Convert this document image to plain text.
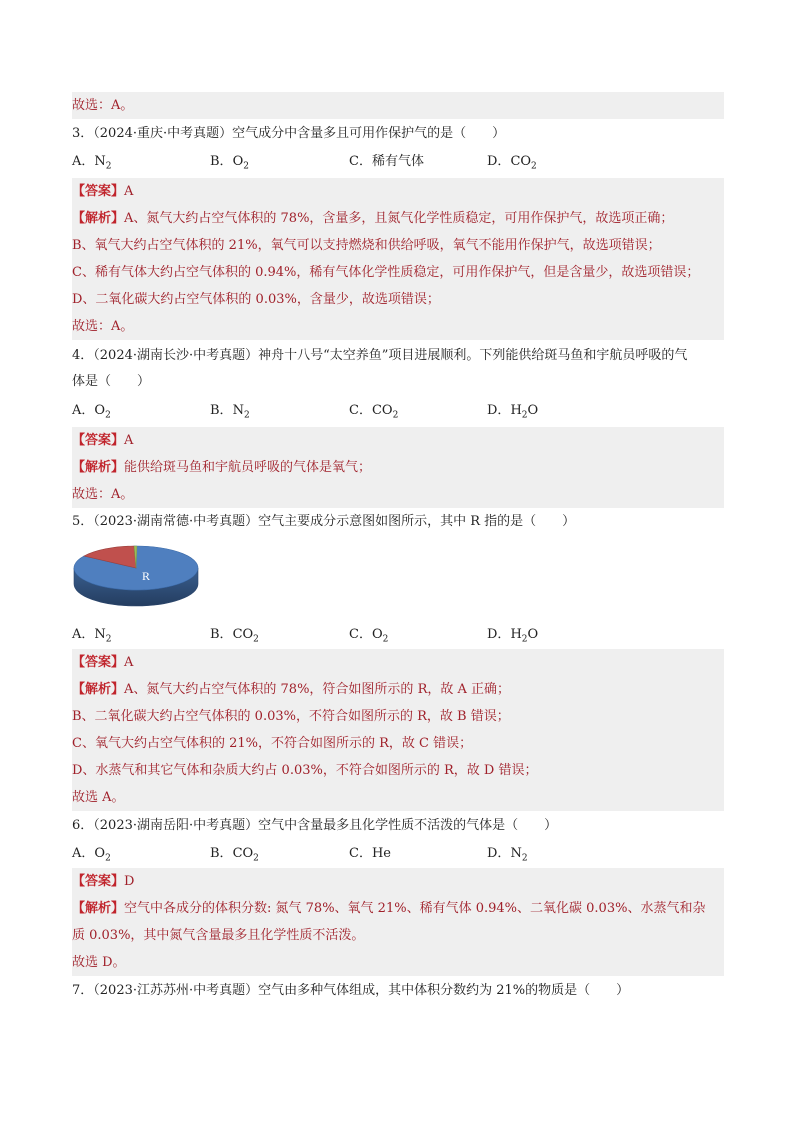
故选：A。
3．（2024·重庆·中考真题）空气成分中含量多且可用作保护气的是（　　）
A．$N_2$	B．$O_2$	C．稀有气体	D．$CO_2$
【答案】A
【解析】A、氮气大约占空气体积的 78%，含量多，且氮气化学性质稳定，可用作保护气，故选项正确；
B、氧气大约占空气体积的 21%，氧气可以支持燃烧和供给呼吸，氧气不能用作保护气，故选项错误；
C、稀有气体大约占空气体积的 0.94%，稀有气体化学性质稳定，可用作保护气，但是含量少，故选项错误；
D、二氧化碳大约占空气体积的 0.03%，含量少，故选项错误；
故选：A。
4．（2024·湖南长沙·中考真题）神舟十八号“太空养鱼”项目进展顺利。下列能供给斑马鱼和宇航员呼吸的气
体是（　　）
A．$O_2$	B．$N_2$	C．$CO_2$	D．$H_2O$
【答案】A
【解析】能供给斑马鱼和宇航员呼吸的气体是氧气；
故选：A。
5．（2023·湖南常德·中考真题）空气主要成分示意图如图所示，其中 R 指的是（　　）
R
A．$N_2$	B．$CO_2$	C．$O_2$	D．$H_2O$
【答案】A
【解析】A、氮气大约占空气体积的 78%，符合如图所示的 R，故 A 正确；
B、二氧化碳大约占空气体积的 0.03%，不符合如图所示的 R，故 B 错误；
C、氧气大约占空气体积的 21%，不符合如图所示的 R，故 C 错误；
D、水蒸气和其它气体和杂质大约占 0.03%，不符合如图所示的 R，故 D 错误；
故选 A。
6．（2023·湖南岳阳·中考真题）空气中含量最多且化学性质不活泼的气体是（　　）
A．$O_2$	B．$CO_2$	C．He	D．$N_2$
【答案】D
【解析】空气中各成分的体积分数: 氮气 78%、氧气 21%、稀有气体 0.94%、二氧化碳 0.03%、水蒸气和杂
质 0.03%，其中氮气含量最多且化学性质不活泼。
故选 D。
7．（2023·江苏苏州·中考真题）空气由多种气体组成，其中体积分数约为 21%的物质是（　　）
